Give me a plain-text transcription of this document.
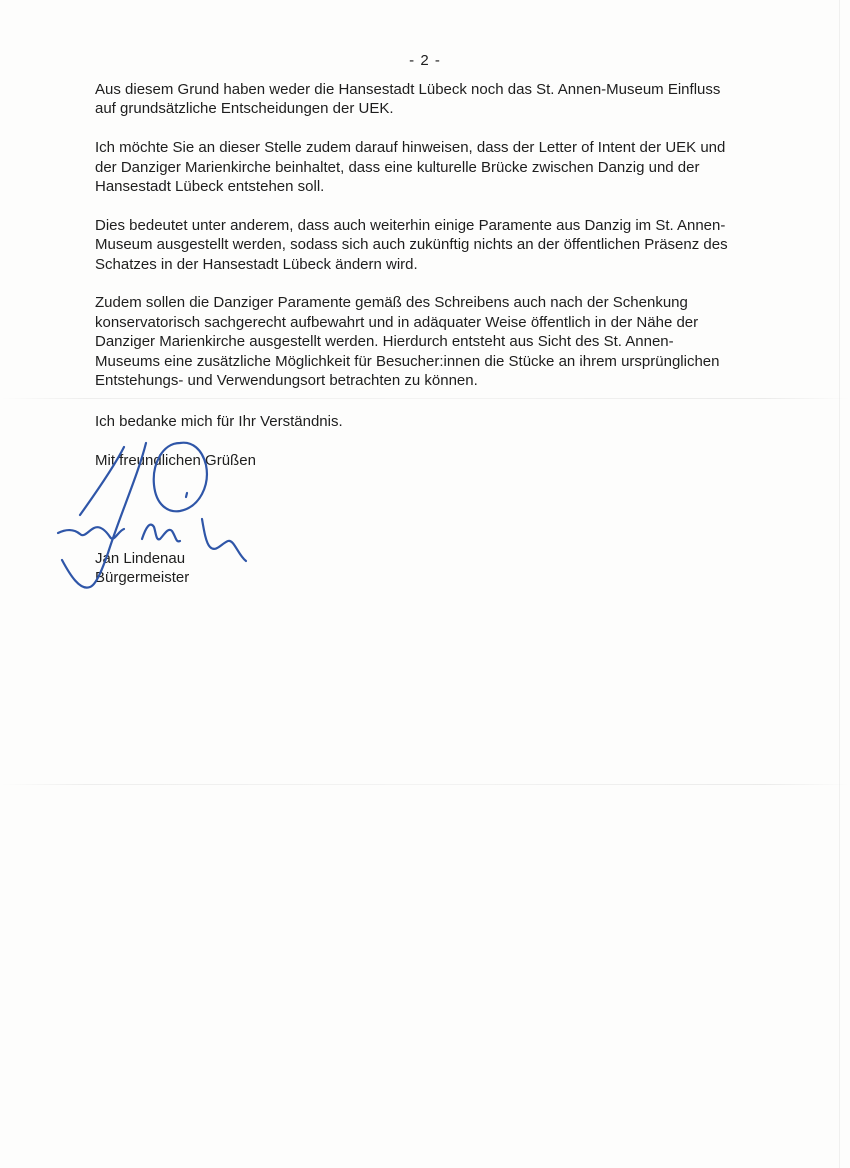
- 2 -

Aus diesem Grund haben weder die Hansestadt Lübeck noch das St. Annen-Museum Einfluss
auf grundsätzliche Entscheidungen der UEK.

Ich möchte Sie an dieser Stelle zudem darauf hinweisen, dass der Letter of Intent der UEK und
der Danziger Marienkirche beinhaltet, dass eine kulturelle Brücke zwischen Danzig und der
Hansestadt Lübeck entstehen soll.

Dies bedeutet unter anderem, dass auch weiterhin einige Paramente aus Danzig im St. Annen-
Museum ausgestellt werden, sodass sich auch zukünftig nichts an der öffentlichen Präsenz des
Schatzes in der Hansestadt Lübeck ändern wird.

Zudem sollen die Danziger Paramente gemäß des Schreibens auch nach der Schenkung
konservatorisch sachgerecht aufbewahrt und in adäquater Weise öffentlich in der Nähe der
Danziger Marienkirche ausgestellt werden. Hierdurch entsteht aus Sicht des St. Annen-
Museums eine zusätzliche Möglichkeit für Besucher:innen die Stücke an ihrem ursprünglichen
Entstehungs- und Verwendungsort betrachten zu können.

Ich bedanke mich für Ihr Verständnis.
Mit freundlichen Grüßen
Jan Lindenau
Bürgermeister
